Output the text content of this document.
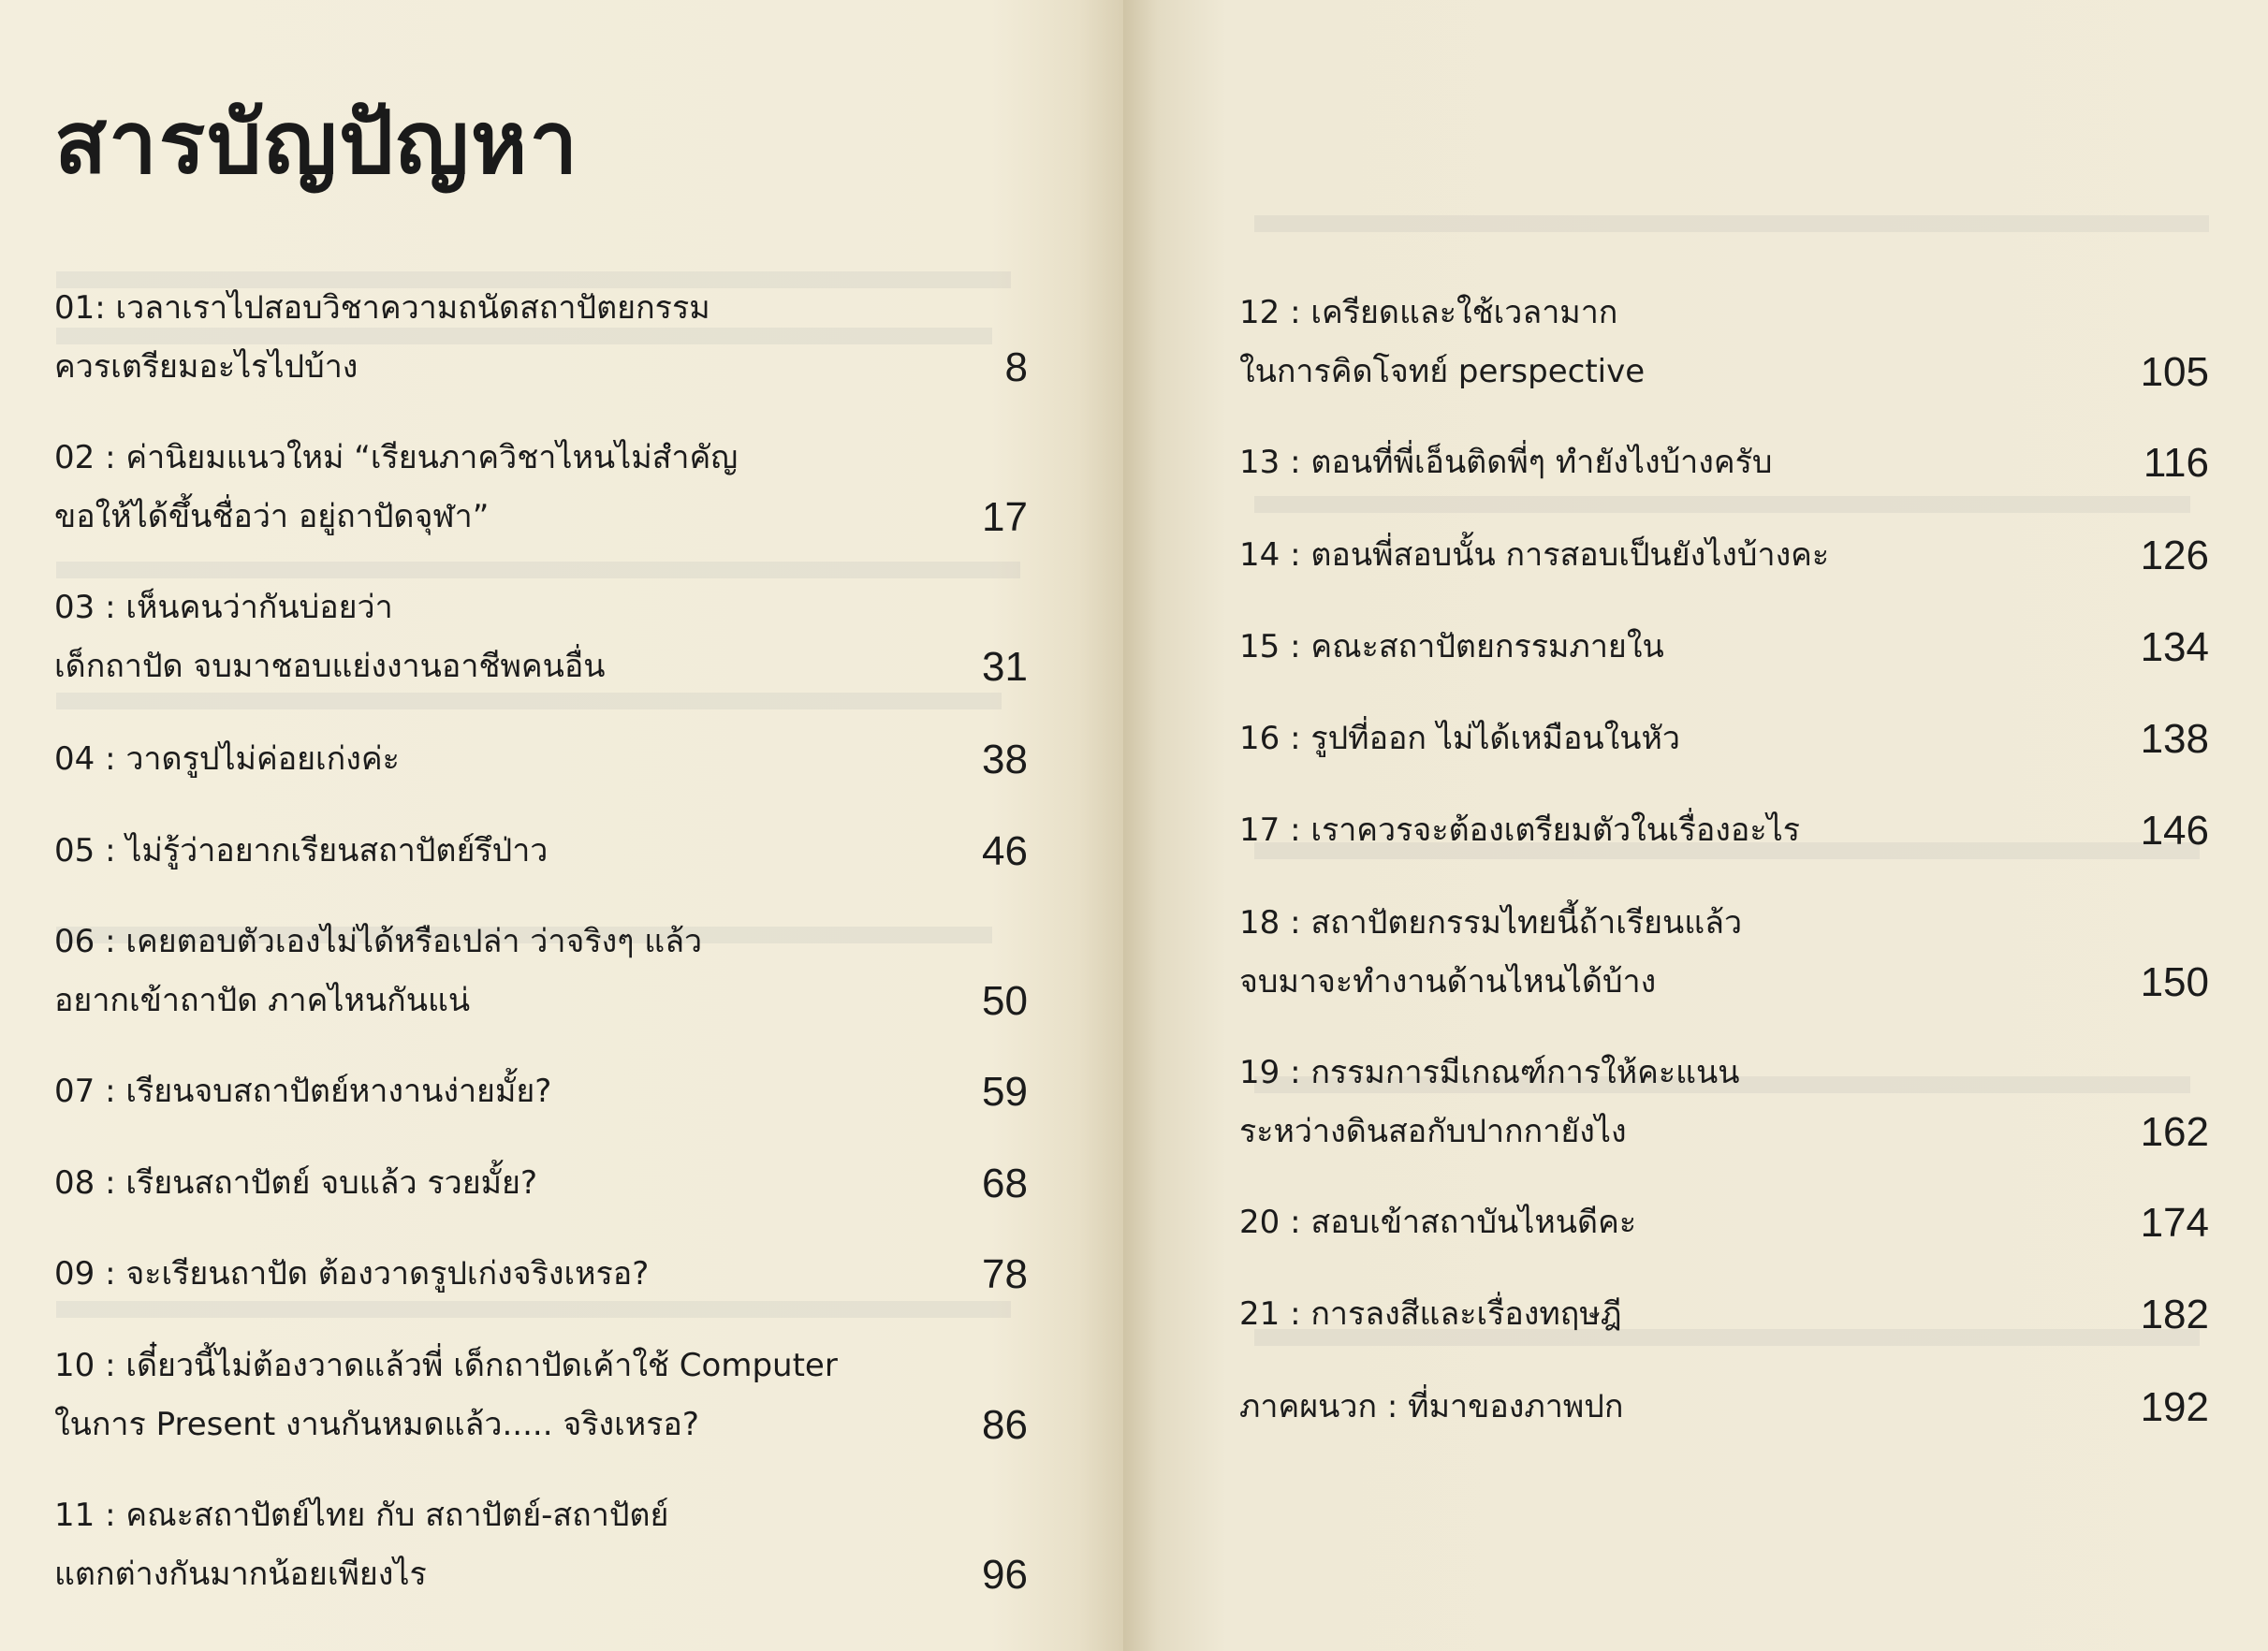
สารบัญปัญหา
01: เวลาเราไปสอบวิชาความถนัดสถาปัตยกรรม
ควรเตรียมอะไรไปบ้าง	8
02 : ค่านิยมแนวใหม่ “เรียนภาควิชาไหนไม่สำคัญ
ขอให้ได้ขึ้นชื่อว่า อยู่ถาปัดจุฬา”	17
03 : เห็นคนว่ากันบ่อยว่า
เด็กถาปัด จบมาชอบแย่งงานอาชีพคนอื่น	31
04 : วาดรูปไม่ค่อยเก่งค่ะ	38
05 : ไม่รู้ว่าอยากเรียนสถาปัตย์รึป่าว	46
06 : เคยตอบตัวเองไม่ได้หรือเปล่า ว่าจริงๆ แล้ว
อยากเข้าถาปัด ภาคไหนกันแน่	50
07 : เรียนจบสถาปัตย์หางานง่ายมั้ย?	59
08 : เรียนสถาปัตย์ จบแล้ว รวยมั้ย?	68
09 : จะเรียนถาปัด ต้องวาดรูปเก่งจริงเหรอ?	78
10 : เดี๋ยวนี้ไม่ต้องวาดแล้วพี่ เด็กถาปัดเค้าใช้ Computer
ในการ Present งานกันหมดแล้ว..... จริงเหรอ?	86
11 : คณะสถาปัตย์ไทย กับ สถาปัตย์-สถาปัตย์
แตกต่างกันมากน้อยเพียงไร	96
12 : เครียดและใช้เวลามาก
ในการคิดโจทย์ perspective	105
13 : ตอนที่พี่เอ็นติดพี่ๆ ทำยังไงบ้างครับ	116
14 : ตอนพี่สอบนั้น การสอบเป็นยังไงบ้างคะ	126
15 : คณะสถาปัตยกรรมภายใน	134
16 : รูปที่ออก ไม่ได้เหมือนในหัว	138
17 : เราควรจะต้องเตรียมตัวในเรื่องอะไร	146
18 : สถาปัตยกรรมไทยนี้ถ้าเรียนแล้ว
จบมาจะทำงานด้านไหนได้บ้าง	150
19 : กรรมการมีเกณฑ์การให้คะแนน
ระหว่างดินสอกับปากกายังไง	162
20 : สอบเข้าสถาบันไหนดีคะ	174
21 : การลงสีและเรื่องทฤษฎี	182
ภาคผนวก : ที่มาของภาพปก	192
